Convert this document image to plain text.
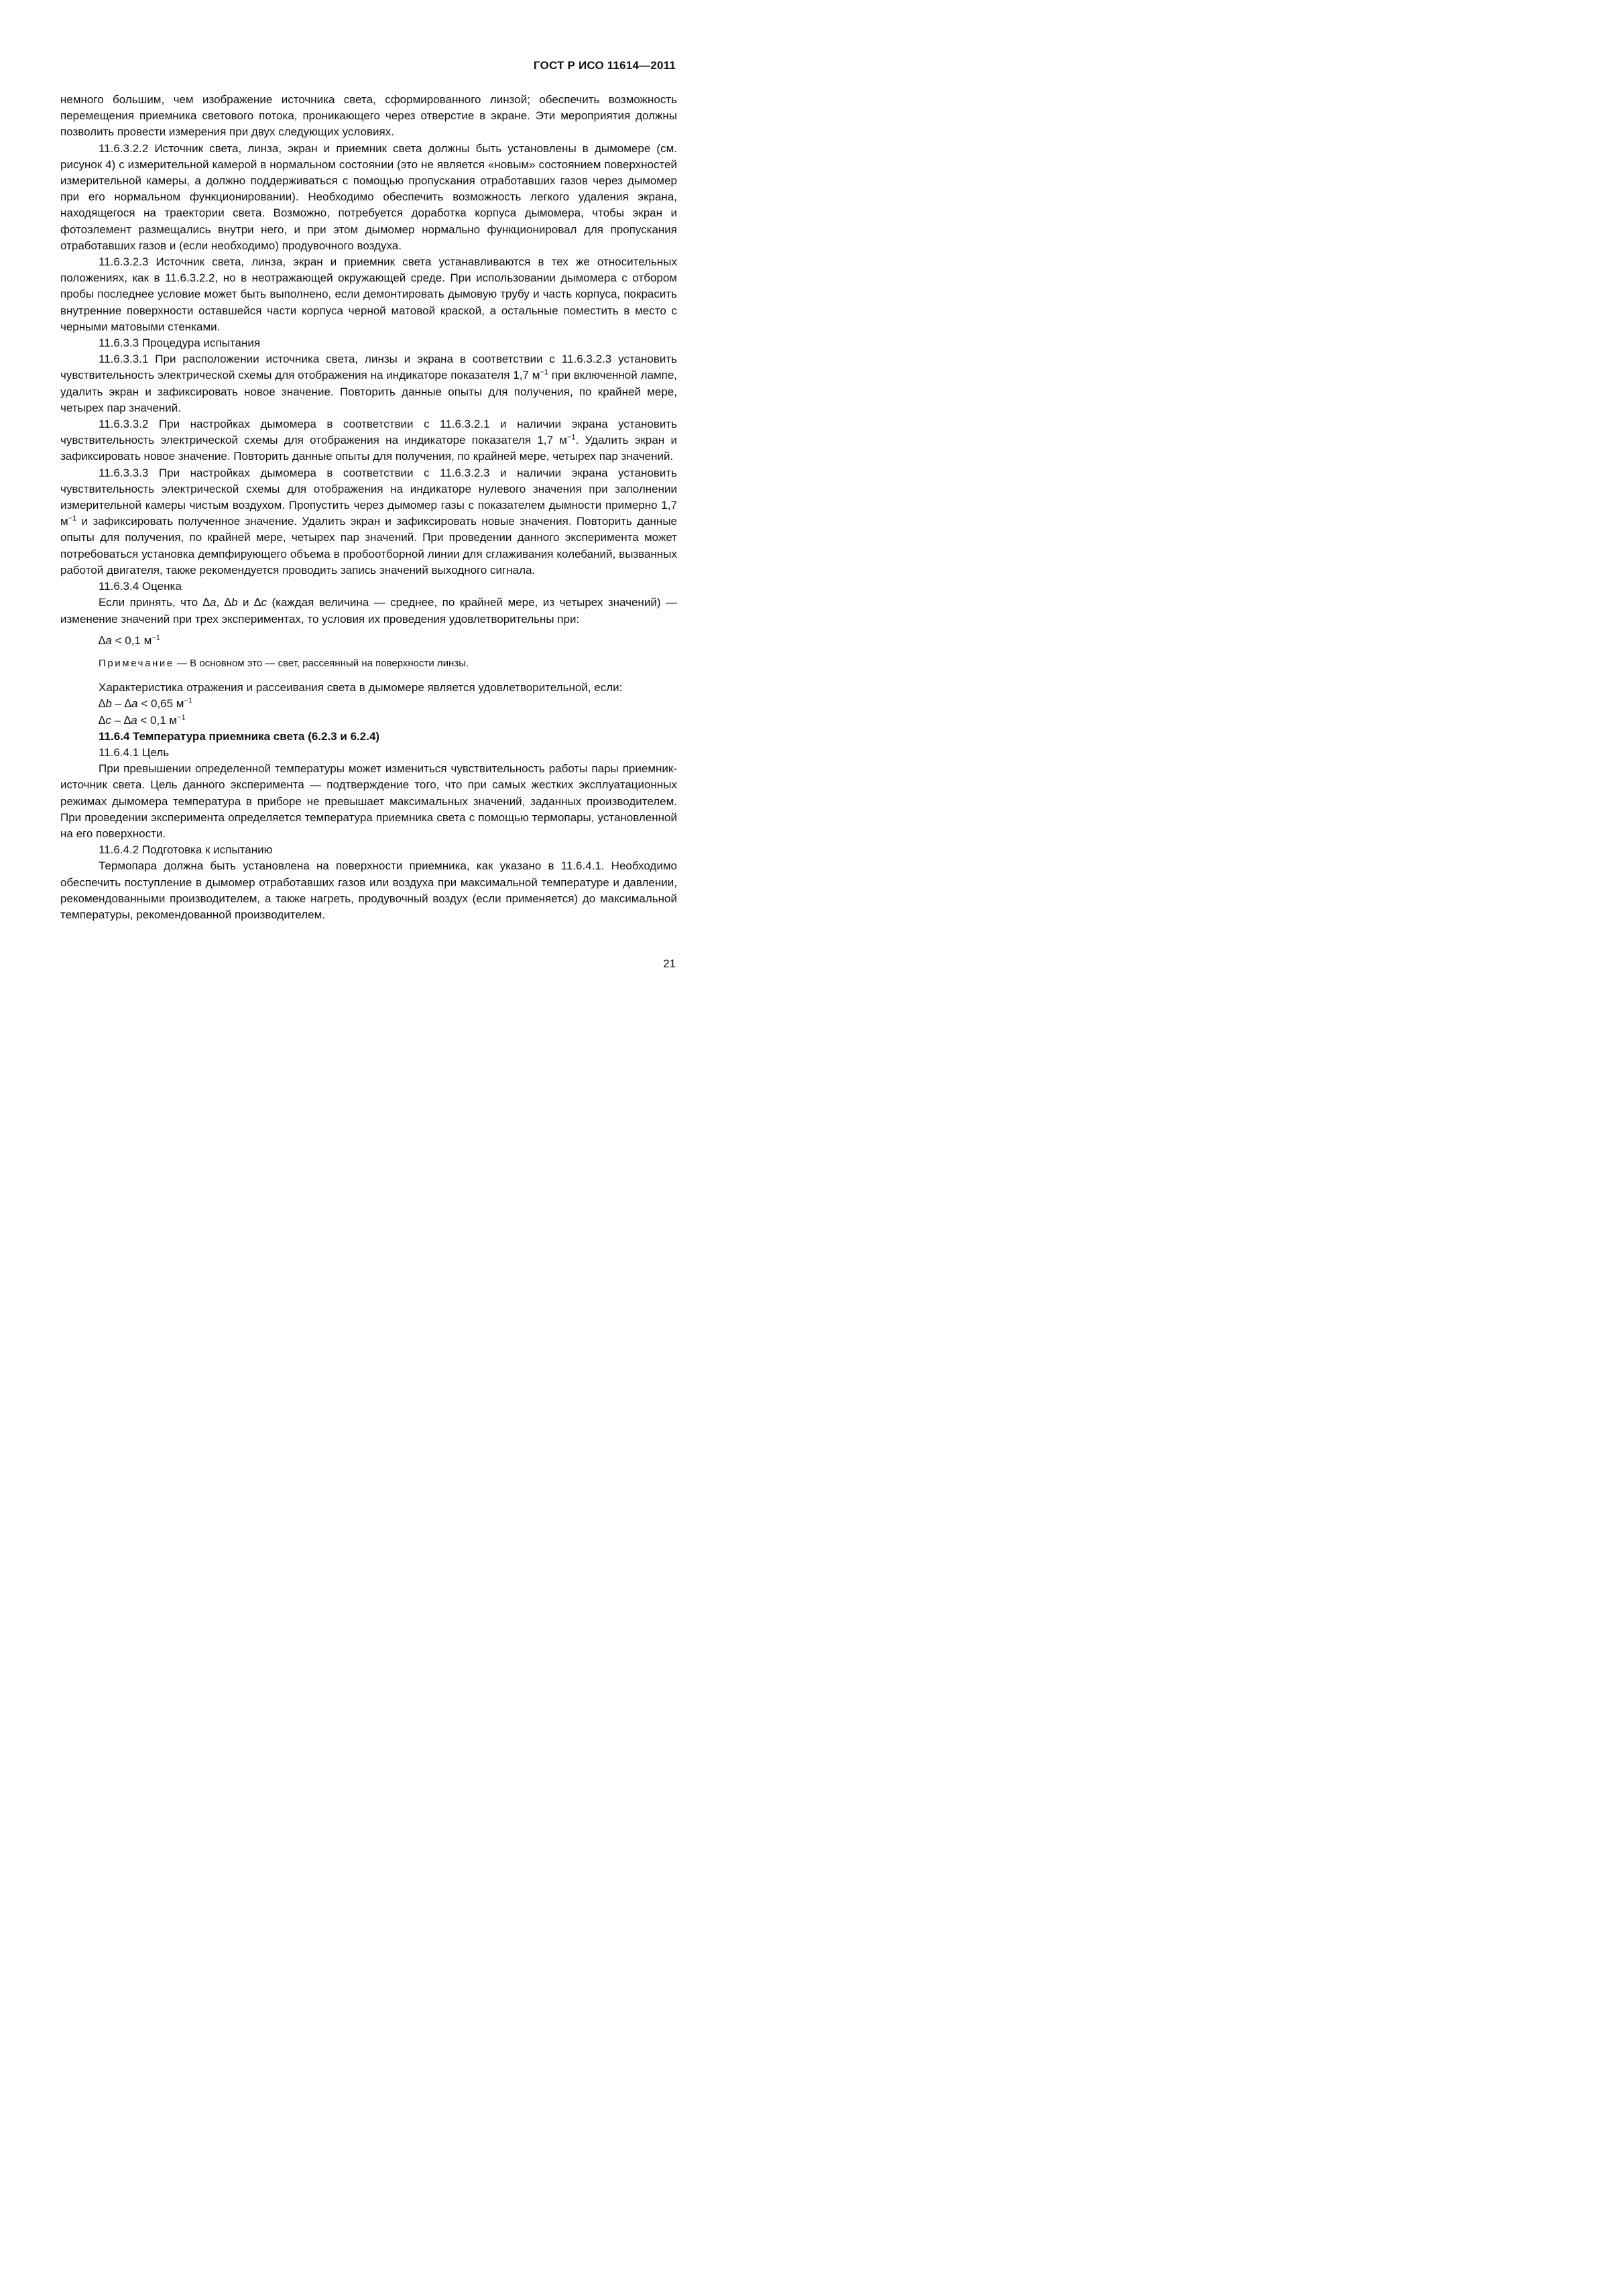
ГОСТ Р ИСО 11614—2011

немного большим, чем изображение источника света, сформированного линзой; обеспечить возможность перемещения приемника светового потока, проникающего через отверстие в экране. Эти мероприятия должны позволить провести измерения при двух следующих условиях.

11.6.3.2.2 Источник света, линза, экран и приемник света должны быть установлены в дымомере (см. рисунок 4) с измерительной камерой в нормальном состоянии (это не является «новым» состоянием поверхностей измерительной камеры, а должно поддерживаться с помощью пропускания отработавших газов через дымомер при его нормальном функционировании). Необходимо обеспечить возможность легкого удаления экрана, находящегося на траектории света. Возможно, потребуется доработка корпуса дымомера, чтобы экран и фотоэлемент размещались внутри него, и при этом дымомер нормально функционировал для пропускания отработавших газов и (если необходимо) продувочного воздуха.

11.6.3.2.3 Источник света, линза, экран и приемник света устанавливаются в тех же относительных положениях, как в 11.6.3.2.2, но в неотражающей окружающей среде. При использовании дымомера с отбором пробы последнее условие может быть выполнено, если демонтировать дымовую трубу и часть корпуса, покрасить внутренние поверхности оставшейся части корпуса черной матовой краской, а остальные поместить в место с черными матовыми стенками.

11.6.3.3 Процедура испытания

11.6.3.3.1 При расположении источника света, линзы и экрана в соответствии с 11.6.3.2.3 установить чувствительность электрической схемы для отображения на индикаторе показателя 1,7 $м^{-1}$ при включенной лампе, удалить экран и зафиксировать новое значение. Повторить данные опыты для получения, по крайней мере, четырех пар значений.

11.6.3.3.2 При настройках дымомера в соответствии с 11.6.3.2.1 и наличии экрана установить чувствительность электрической схемы для отображения на индикаторе показателя 1,7 $м^{-1}$. Удалить экран и зафиксировать новое значение. Повторить данные опыты для получения, по крайней мере, четырех пар значений.

11.6.3.3.3 При настройках дымомера в соответствии с 11.6.3.2.3 и наличии экрана установить чувствительность электрической схемы для отображения на индикаторе нулевого значения при заполнении измерительной камеры чистым воздухом. Пропустить через дымомер газы с показателем дымности примерно 1,7 $м^{-1}$ и зафиксировать полученное значение. Удалить экран и зафиксировать новые значения. Повторить данные опыты для получения, по крайней мере, четырех пар значений. При проведении данного эксперимента может потребоваться установка демпфирующего объема в пробоотборной линии для сглаживания колебаний, вызванных работой двигателя, также рекомендуется проводить запись значений выходного сигнала.

11.6.3.4 Оценка

Если принять, что ∆a, ∆b и ∆c (каждая величина — среднее, по крайней мере, из четырех значений) — изменение значений при трех экспериментах, то условия их проведения удовлетворительны при:

∆a < 0,1 $м^{-1}$
Примечание — В основном это — свет, рассеянный на поверхности линзы.

Характеристика отражения и рассеивания света в дымомере является удовлетворительной, если:

∆b – ∆a < 0,65 $м^{-1}$

∆c – ∆a < 0,1 $м^{-1}$

11.6.4 Температура приемника света (6.2.3 и 6.2.4)

11.6.4.1 Цель

При превышении определенной температуры может измениться чувствительность работы пары приемник-источник света. Цель данного эксперимента — подтверждение того, что при самых жестких эксплуатационных режимах дымомера температура в приборе не превышает максимальных значений, заданных производителем. При проведении эксперимента определяется температура приемника света с помощью термопары, установленной на его поверхности.

11.6.4.2 Подготовка к испытанию

Термопара должна быть установлена на поверхности приемника, как указано в 11.6.4.1. Необходимо обеспечить поступление в дымомер отработавших газов или воздуха при максимальной температуре и давлении, рекомендованными производителем, а также нагреть, продувочный воздух (если применяется) до максимальной температуры, рекомендованной производителем.

21
